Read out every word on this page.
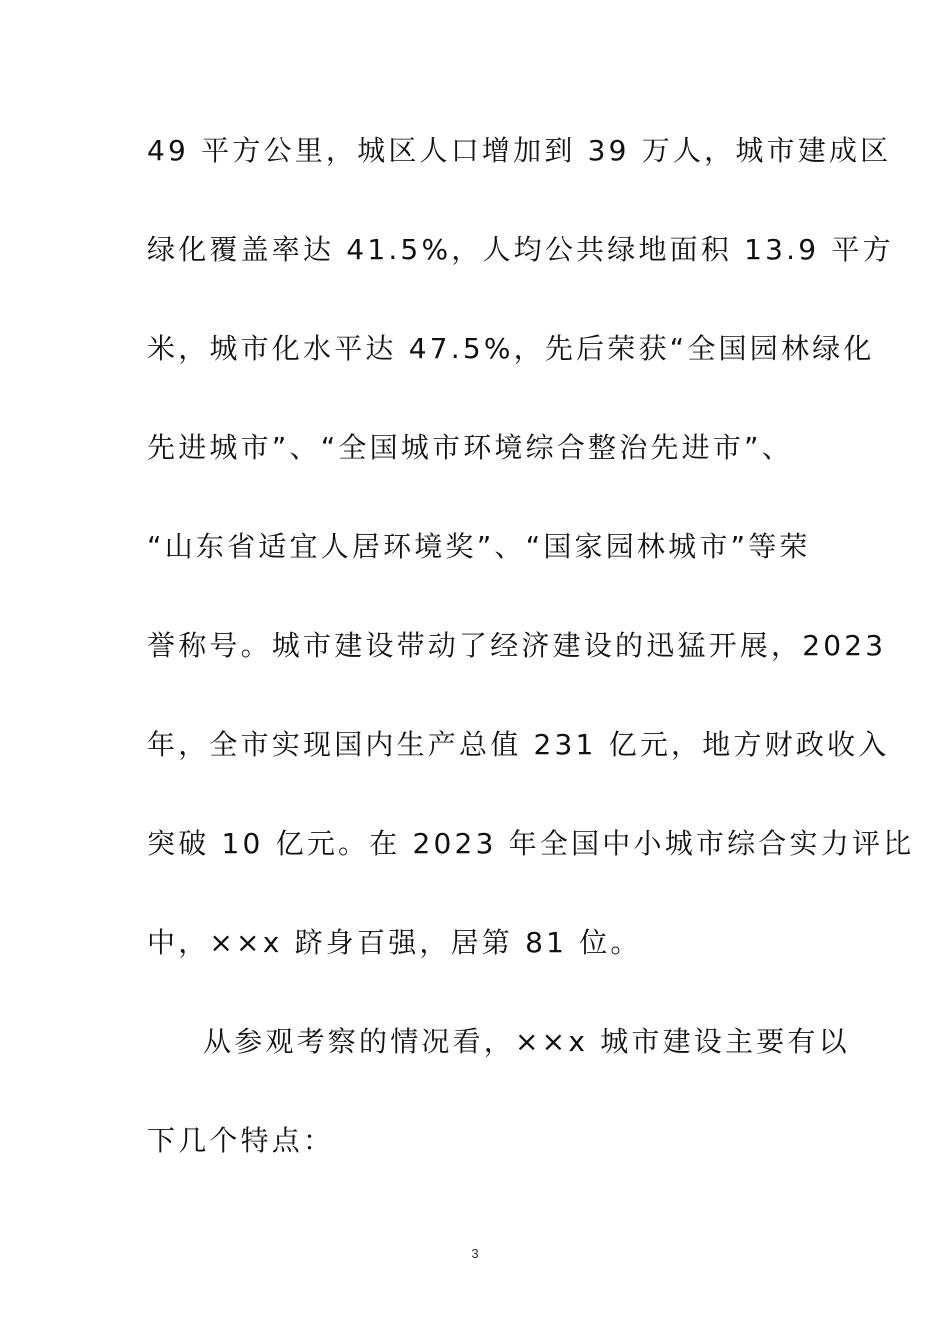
49 平方公里，城区人口增加到 39 万人，城市建成区
绿化覆盖率达 41.5%，人均公共绿地面积 13.9 平方
米，城市化水平达 47.5%，先后荣获“全国园林绿化
先进城市”、“全国城市环境综合整治先进市”、
“山东省适宜人居环境奖”、“国家园林城市”等荣
誉称号。城市建设带动了经济建设的迅猛开展，2023
年，全市实现国内生产总值 231 亿元，地方财政收入
突破 10 亿元。在 2023 年全国中小城市综合实力评比
中，××x 跻身百强，居第 81 位。
从参观考察的情况看，××x 城市建设主要有以
下几个特点：
3
